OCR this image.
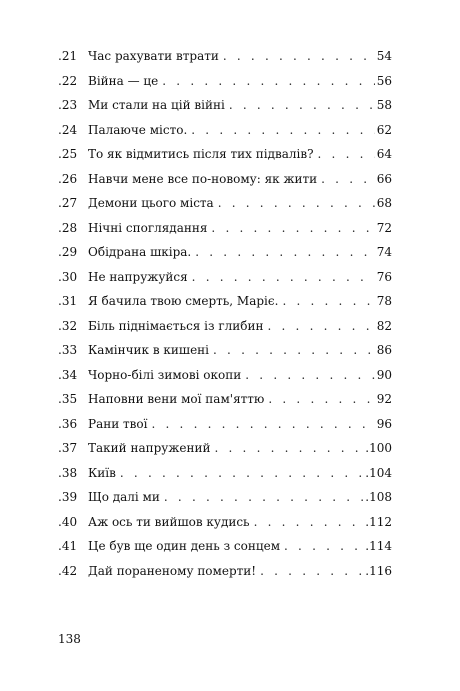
.21 Час рахувати втрати . . .	54
.22 Війна — це . . .	56
.23 Ми стали на цій війні . . .	58
.24 Палаюче місто. . . .	62
.25 То як відмитись після тих підвалів? . . .	64
.26 Навчи мене все по-новому: як жити . . .	66
.27 Демони цього міста . . .	68
.28 Нічні споглядання . . .	72
.29 Обідрана шкіра. . . .	74
.30 Не напружуйся . . .	76
.31 Я бачила твою смерть, Маріє. . . .	78
.32 Біль піднімається із глибин . . .	82
.33 Камінчик в кишені . . .	86
.34 Чорно-білі зимові окопи . . .	90
.35 Наповни вени мої пам'яттю . . .	92
.36 Рани твої . . .	96
.37 Такий напружений . . .	.100
.38 Київ . . .	.104
.39 Що далі ми . . .	.108
.40 Аж ось ти вийшов кудись . . .	.112
.41 Це був ще один день з сонцем . . .	.114
.42 Дай пораненому померти! . . .	.116
138
